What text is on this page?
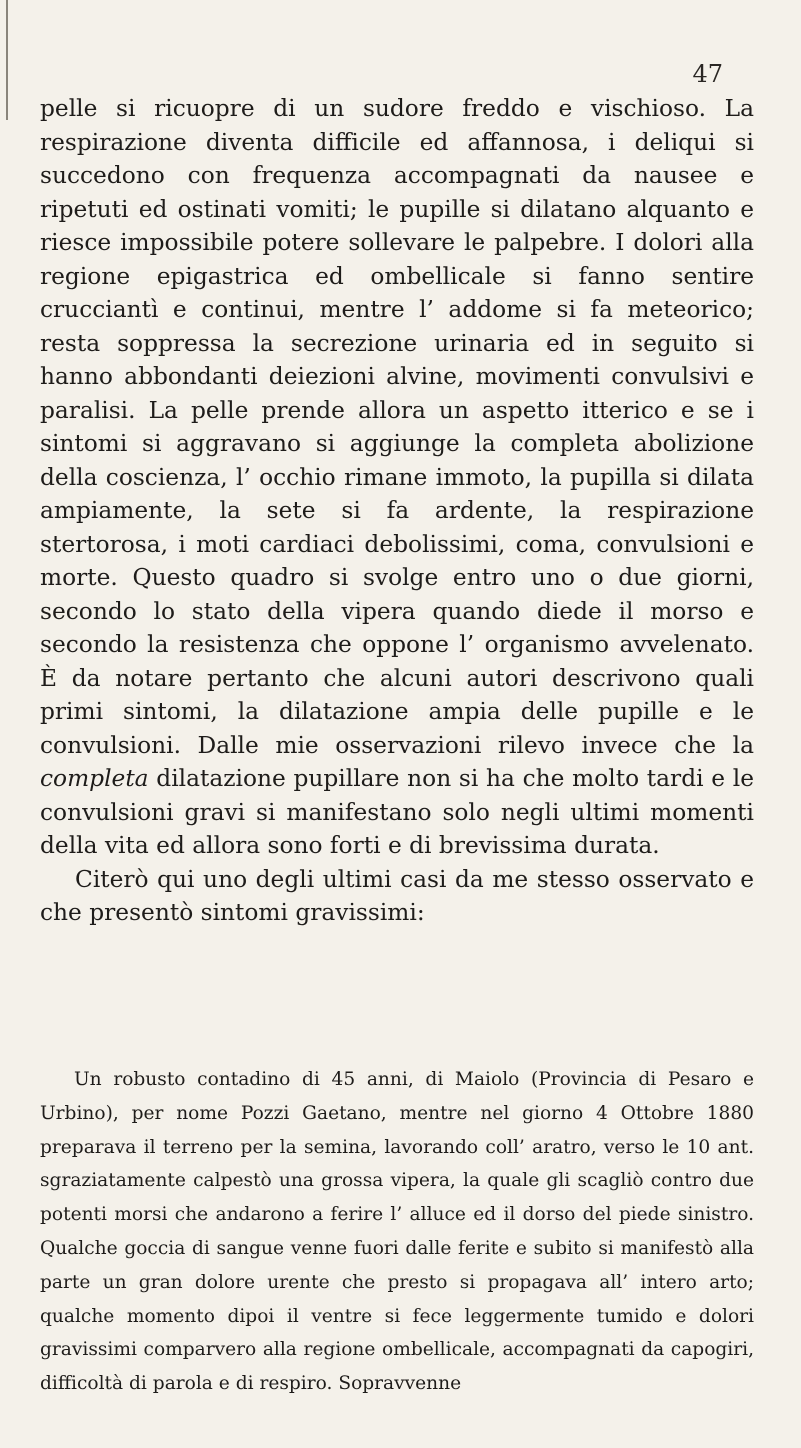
47

pelle si ricuopre di un sudore freddo e vischioso. La respirazione diventa difficile ed affannosa, i deliqui si succedono con frequenza accompagnati da nausee e ripetuti ed ostinati vomiti; le pupille si dilatano alquanto e riesce impossibile potere sollevare le palpebre. I dolori alla regione epigastrica ed ombellicale si fanno sentire crucciantì e continui, mentre l’ addome si fa meteorico; resta soppressa la secrezione urinaria ed in seguito si hanno abbondanti deiezioni alvine, movimenti convulsivi e paralisi. La pelle prende allora un aspetto itterico e se i sintomi si aggravano si aggiunge la completa abolizione della coscienza, l’ occhio rimane immoto, la pupilla si dilata ampiamente, la sete si fa ardente, la respirazione stertorosa, i moti cardiaci debolissimi, coma, convulsioni e morte. Questo quadro si svolge entro uno o due giorni, secondo lo stato della vipera quando diede il morso e secondo la resistenza che oppone l’ organismo avvelenato. È da notare pertanto che alcuni autori descrivono quali primi sintomi, la dilatazione ampia delle pupille e le convulsioni. Dalle mie osservazioni rilevo invece che la completa dilatazione pupillare non si ha che molto tardi e le convulsioni gravi si manifestano solo negli ultimi momenti della vita ed allora sono forti e di brevissima durata.

Citerò qui uno degli ultimi casi da me stesso osservato e che presentò sintomi gravissimi:

Un robusto contadino di 45 anni, di Maiolo (Provincia di Pesaro e Urbino), per nome Pozzi Gaetano, mentre nel giorno 4 Ottobre 1880 preparava il terreno per la semina, lavorando coll’ aratro, verso le 10 ant. sgraziatamente calpestò una grossa vipera, la quale gli scagliò contro due potenti morsi che andarono a ferire l’ alluce ed il dorso del piede sinistro. Qualche goccia di sangue venne fuori dalle ferite e subito si manifestò alla parte un gran dolore urente che presto si propagava all’ intero arto; qualche momento dipoi il ventre si fece leggermente tumido e dolori gravissimi comparvero alla regione ombellicale, accompagnati da capogiri, difficoltà di parola e di respiro. Sopravvenne
